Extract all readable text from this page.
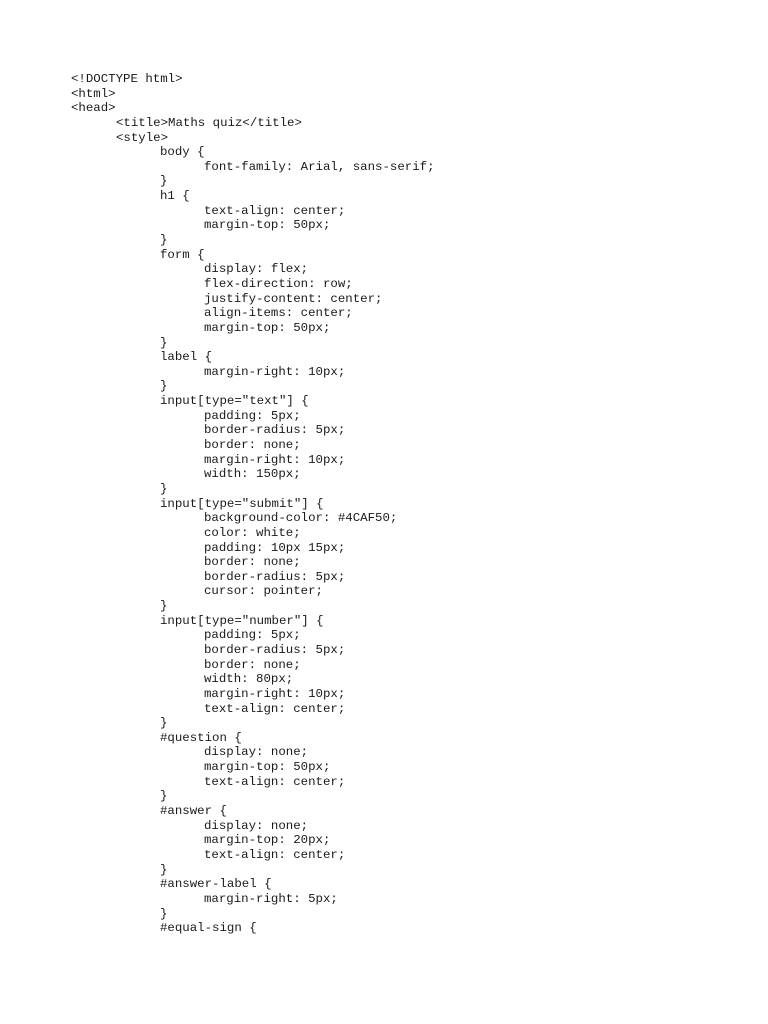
<!DOCTYPE html>
<html>
<head>
<title>Maths quiz</title>
<style>
body {
font-family: Arial, sans-serif;
}
h1 {
text-align: center;
margin-top: 50px;
}
form {
display: flex;
flex-direction: row;
justify-content: center;
align-items: center;
margin-top: 50px;
}
label {
margin-right: 10px;
}
input[type="text"] {
padding: 5px;
border-radius: 5px;
border: none;
margin-right: 10px;
width: 150px;
}
input[type="submit"] {
background-color: #4CAF50;
color: white;
padding: 10px 15px;
border: none;
border-radius: 5px;
cursor: pointer;
}
input[type="number"] {
padding: 5px;
border-radius: 5px;
border: none;
width: 80px;
margin-right: 10px;
text-align: center;
}
#question {
display: none;
margin-top: 50px;
text-align: center;
}
#answer {
display: none;
margin-top: 20px;
text-align: center;
}
#answer-label {
margin-right: 5px;
}
#equal-sign {
